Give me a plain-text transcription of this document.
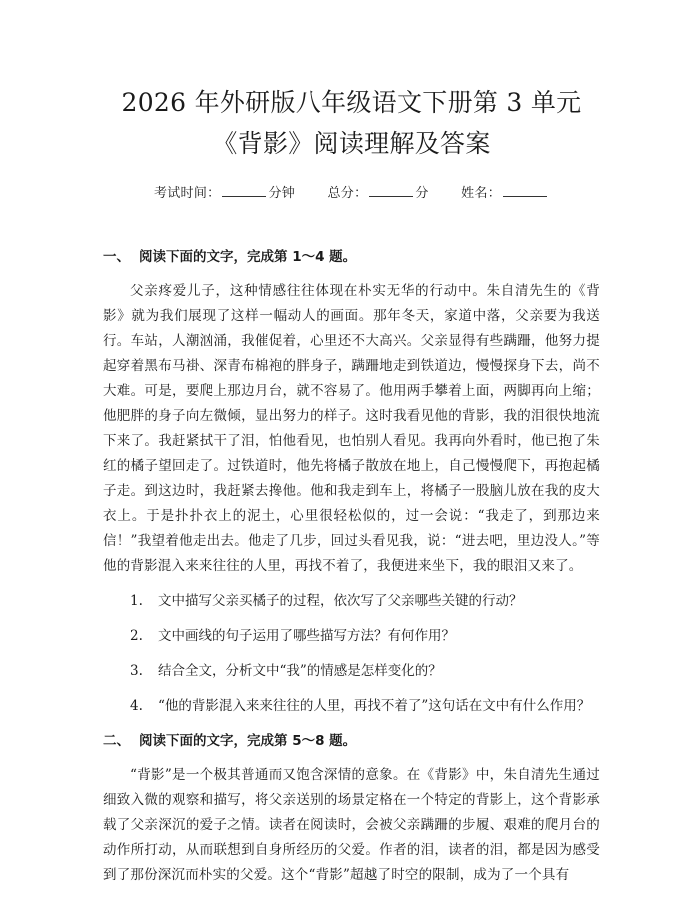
2026 年外研版八年级语文下册第 3 单元《背影》阅读理解及答案
考试时间：	分钟 总分：	分 姓名：
一、 阅读下面的文字，完成第 1～4 题。

父亲疼爱儿子，这种情感往往体现在朴实无华的行动中。朱自清先生的《背影》就为我们展现了这样一幅动人的画面。那年冬天，家道中落，父亲要为我送行。车站，人潮汹涌，我催促着，心里还不大高兴。父亲显得有些蹒跚，他努力提起穿着黑布马褂、深青布棉袍的胖身子，蹒跚地走到铁道边，慢慢探身下去，尚不大难。可是，要爬上那边月台，就不容易了。他用两手攀着上面，两脚再向上缩；他肥胖的身子向左微倾，显出努力的样子。这时我看见他的背影，我的泪很快地流下来了。我赶紧拭干了泪，怕他看见，也怕别人看见。我再向外看时，他已抱了朱红的橘子望回走了。过铁道时，他先将橘子散放在地上，自己慢慢爬下，再抱起橘子走。到这边时，我赶紧去搀他。他和我走到车上，将橘子一股脑儿放在我的皮大衣上。于是扑扑衣上的泥土，心里很轻松似的，过一会说：“我走了，到那边来信！”我望着他走出去。他走了几步，回过头看见我，说：“进去吧，里边没人。”等他的背影混入来来往往的人里，再找不着了，我便进来坐下，我的眼泪又来了。

1. 文中描写父亲买橘子的过程，依次写了父亲哪些关键的行动？
2. 文中画线的句子运用了哪些描写方法？有何作用？
3. 结合全文，分析文中“我”的情感是怎样变化的？
4. “他的背影混入来来往往的人里，再找不着了”这句话在文中有什么作用？
二、 阅读下面的文字，完成第 5～8 题。

“背影”是一个极其普通而又饱含深情的意象。在《背影》中，朱自清先生通过细致入微的观察和描写，将父亲送别的场景定格在一个特定的背影上，这个背影承载了父亲深沉的爱子之情。读者在阅读时，会被父亲蹒跚的步履、艰难的爬月台的动作所打动，从而联想到自身所经历的父爱。作者的泪，读者的泪，都是因为感受到了那份深沉而朴实的父爱。这个“背影”超越了时空的限制，成为了一个具有
